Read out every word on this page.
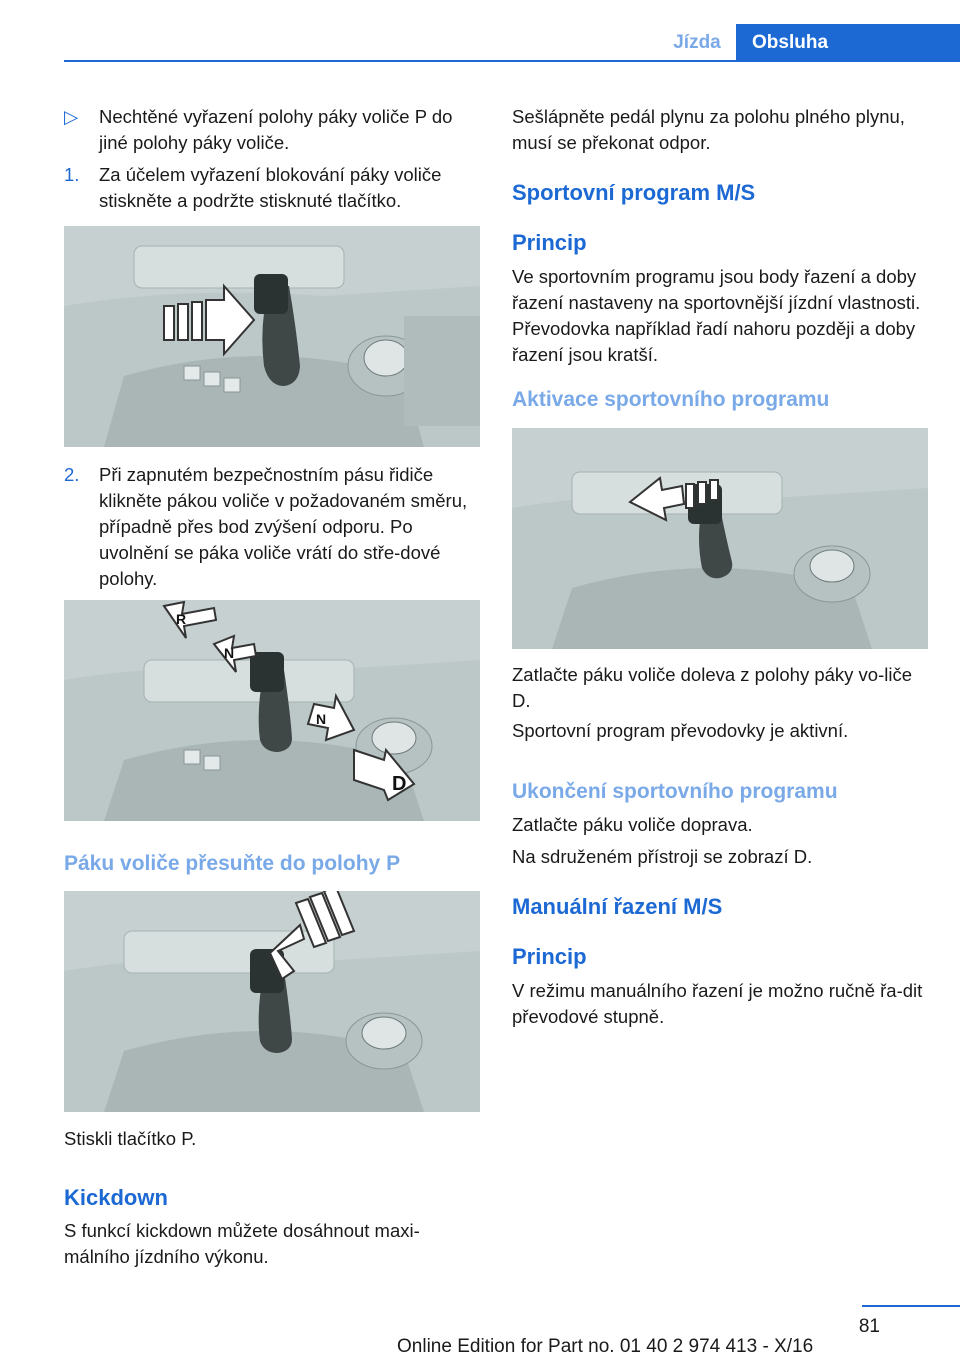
Jízda	Obsluha
▷ Nechtěné vyřazení polohy páky voliče P do jiné polohy páky voliče.
1. Za účelem vyřazení blokování páky voliče stiskněte a podržte stisknuté tlačítko.
2. Při zapnutém bezpečnostním pásu řidiče klikněte pákou voliče v požadovaném směru, případně přes bod zvýšení odporu. Po uvolnění se páka voliče vrátí do stře-dové polohy.
R
N
N
D
Páku voliče přesuňte do polohy P
Stiskli tlačítko P.
Kickdown
S funkcí kickdown můžete dosáhnout maxi-málního jízdního výkonu.
Sešlápněte pedál plynu za polohu plného plynu, musí se překonat odpor.
Sportovní program M/S
Princip
Ve sportovním programu jsou body řazení a doby řazení nastaveny na sportovnější jízdní vlastnosti. Převodovka například řadí nahoru později a doby řazení jsou kratší.
Aktivace sportovního programu
Zatlačte páku voliče doleva z polohy páky vo-liče D.
Sportovní program převodovky je aktivní.
Ukončení sportovního programu
Zatlačte páku voliče doprava.
Na sdruženém přístroji se zobrazí D.
Manuální řazení M/S
Princip
V režimu manuálního řazení je možno ručně řa-dit převodové stupně.
81
Online Edition for Part no. 01 40 2 974 413 - X/16
